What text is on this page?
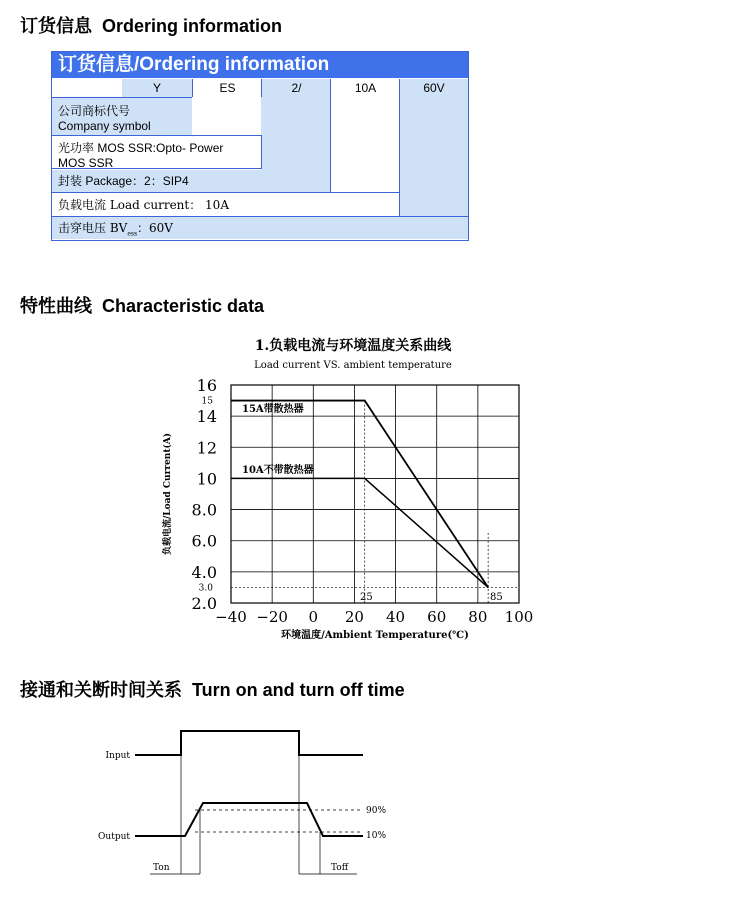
订货信息 Ordering information
订货信息/Ordering information
Y	ES	2/	10A	60V
公司商标代号
Company symbol
光功率 MOS SSR:Opto- Power
MOS SSR
封装 Package：2：SIP4
负载电流 Load current： 10A
击穿电压 $BV_{ess}$：60V
特性曲线 Characteristic data
1.负载电流与环境温度关系曲线
Load current VS. ambient temperature
16
14
12
10
8.0
6.0
4.0
2.0
15
3.0
−40 −20 0 20 40 60 80 100
15A带散热器
10A不带散热器
25	85
负载电流/Load Current(A)
环境温度/Ambient Temperature(℃)
接通和关断时间关系 Turn on and turn off time
Input
Output
90%
10%
Ton	Toff
